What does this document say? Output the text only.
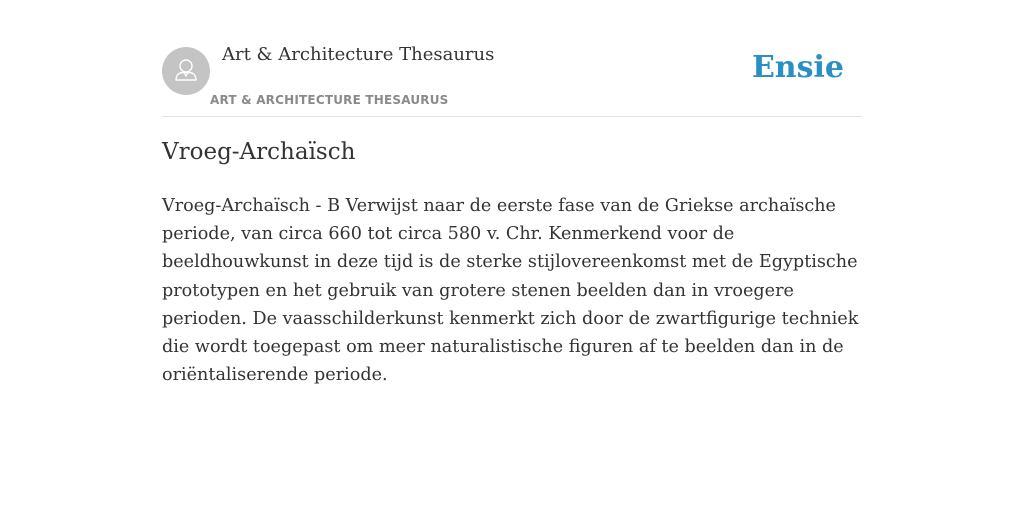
Art & Architecture Thesaurus
ART & ARCHITECTURE THESAURUS
Ensie
Vroeg-Archaïsch

Vroeg-Archaïsch - B Verwijst naar de eerste fase van de Griekse archaïsche periode, van circa 660 tot circa 580 v. Chr. Kenmerkend voor de beeldhouwkunst in deze tijd is de sterke stijlovereenkomst met de Egyptische prototypen en het gebruik van grotere stenen beelden dan in vroegere perioden. De vaasschilderkunst kenmerkt zich door de zwartfigurige techniek die wordt toegepast om meer naturalistische figuren af te beelden dan in de oriëntaliserende periode.
